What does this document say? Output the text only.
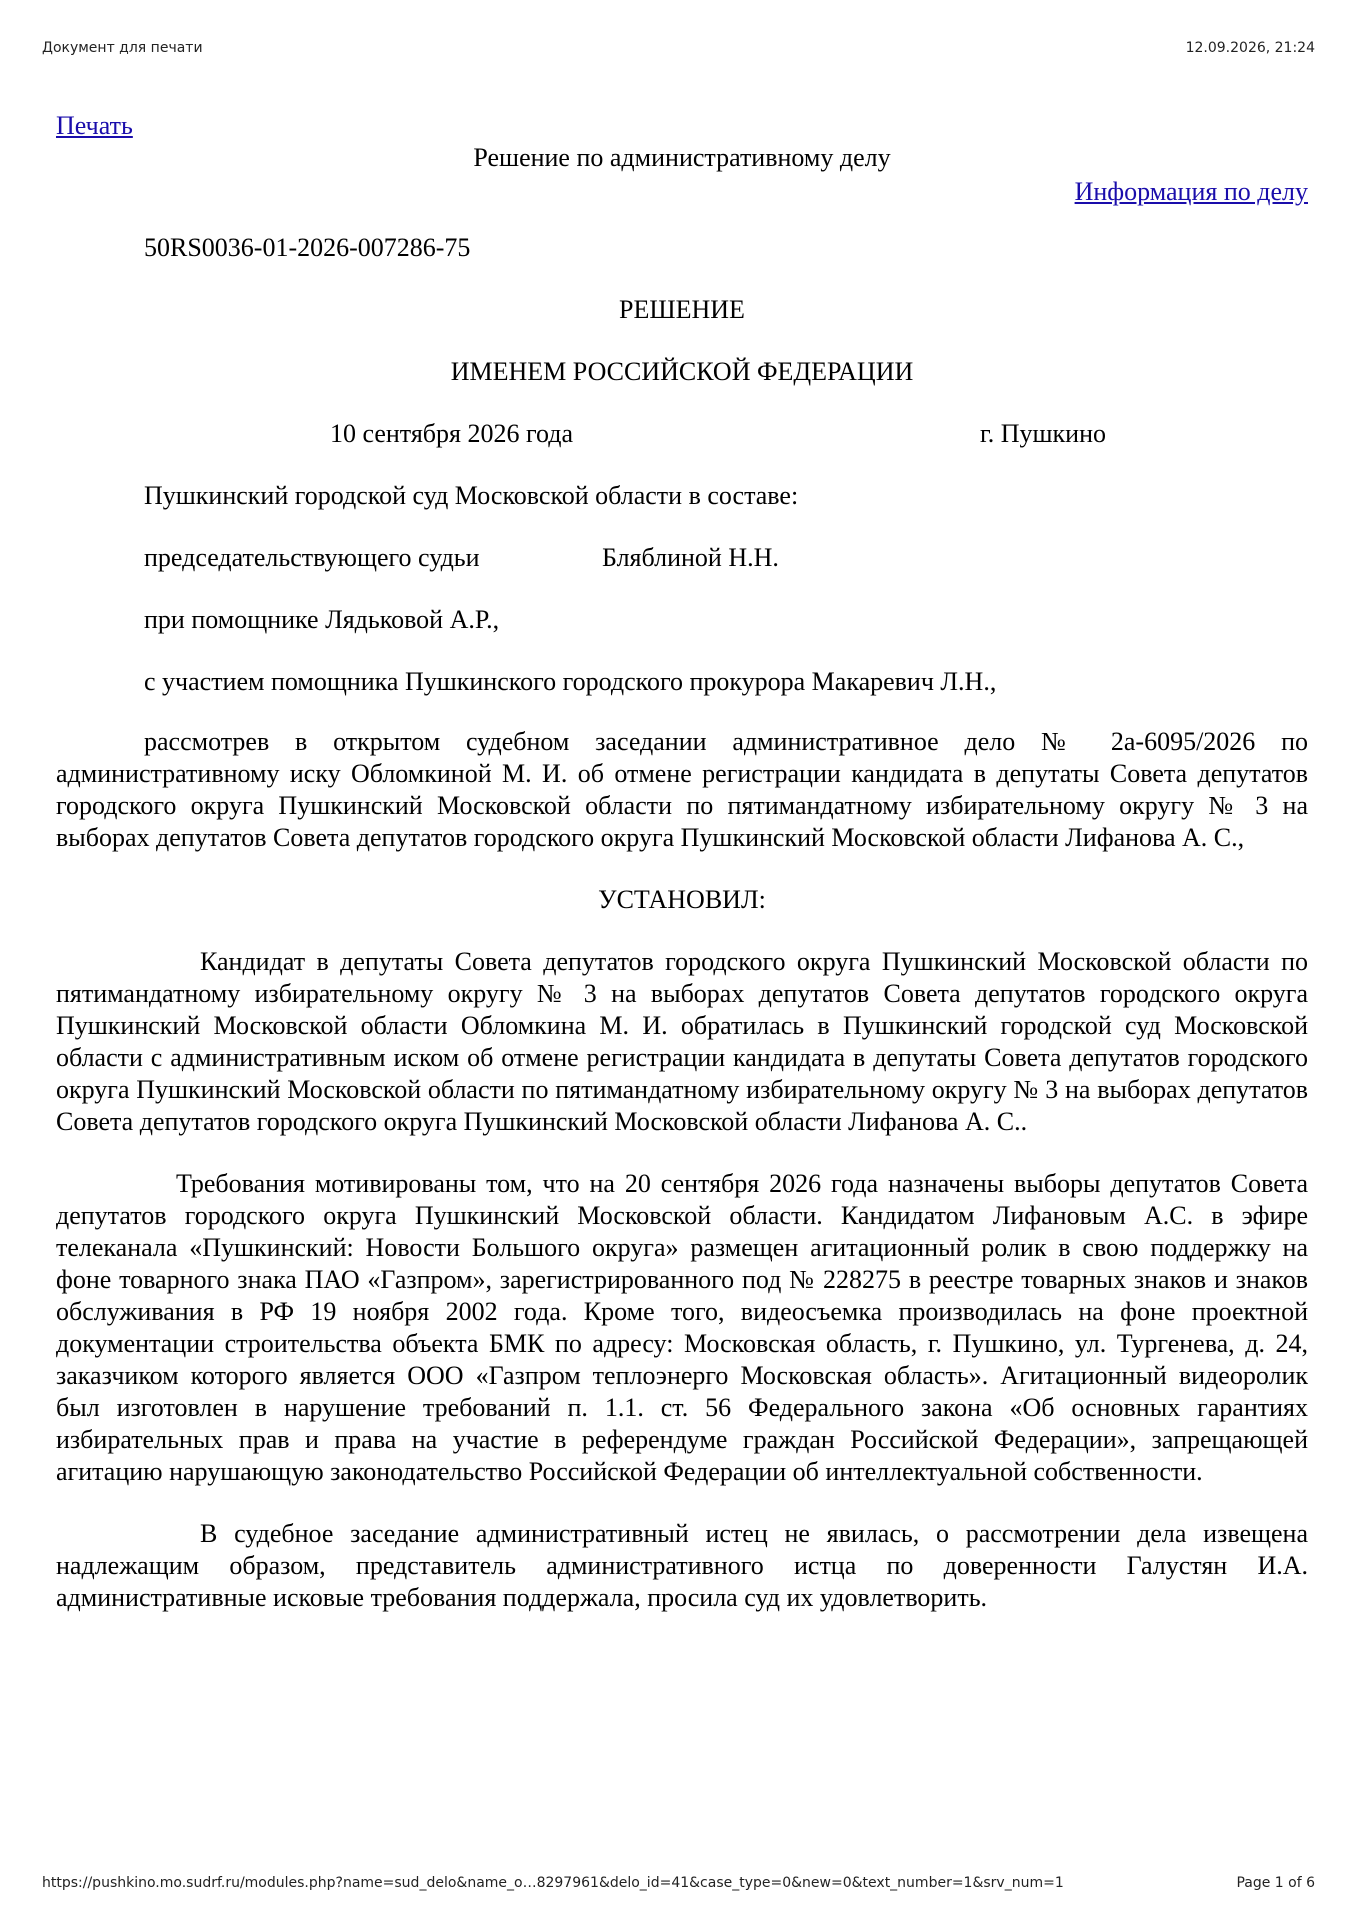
Документ для печати	12.09.2026, 21:24
Печать
Решение по административному делу
Информация по делу
50RS0036-01-2026-007286-75
РЕШЕНИЕ
ИМЕНЕМ РОССИЙСКОЙ ФЕДЕРАЦИИ
10 сентября 2026 года	г. Пушкино
Пушкинский городской суд Московской области в составе:
председательствующего судьи	Бляблиной Н.Н.
при помощнике Лядьковой А.Р.,
с участием помощника Пушкинского городского прокурора Макаревич Л.Н.,
рассмотрев в открытом судебном заседании административное дело № 2а-6095/2026 по административному иску Обломкиной М. И. об отмене регистрации кандидата в депутаты Совета депутатов городского округа Пушкинский Московской области по пятимандатному избирательному округу № 3 на выборах депутатов Совета депутатов городского округа Пушкинский Московской области Лифанова А. С.,
УСТАНОВИЛ:
Кандидат в депутаты Совета депутатов городского округа Пушкинский Московской области по пятимандатному избирательному округу № 3 на выборах депутатов Совета депутатов городского округа Пушкинский Московской области Обломкина М. И. обратилась в Пушкинский городской суд Московской области с административным иском об отмене регистрации кандидата в депутаты Совета депутатов городского округа Пушкинский Московской области по пятимандатному избирательному округу № 3 на выборах депутатов Совета депутатов городского округа Пушкинский Московской области Лифанова А. С..
Требования мотивированы том, что на 20 сентября 2026 года назначены выборы депутатов Совета депутатов городского округа Пушкинский Московской области. Кандидатом Лифановым А.С. в эфире телеканала «Пушкинский: Новости Большого округа» размещен агитационный ролик в свою поддержку на фоне товарного знака ПАО «Газпром», зарегистрированного под № 228275 в реестре товарных знаков и знаков обслуживания в РФ 19 ноября 2002 года. Кроме того, видеосъемка производилась на фоне проектной документации строительства объекта БМК по адресу: Московская область, г. Пушкино, ул. Тургенева, д. 24, заказчиком которого является ООО «Газпром теплоэнерго Московская область». Агитационный видеоролик был изготовлен в нарушение требований п. 1.1. ст. 56 Федерального закона «Об основных гарантиях избирательных прав и права на участие в референдуме граждан Российской Федерации», запрещающей агитацию нарушающую законодательство Российской Федерации об интеллектуальной собственности.
В судебное заседание административный истец не явилась, о рассмотрении дела извещена надлежащим образом, представитель административного истца по доверенности Галустян И.А. административные исковые требования поддержала, просила суд их удовлетворить.
https://pushkino.mo.sudrf.ru/modules.php?name=sud_delo&name_o…8297961&delo_id=41&case_type=0&new=0&text_number=1&srv_num=1	Page 1 of 6
